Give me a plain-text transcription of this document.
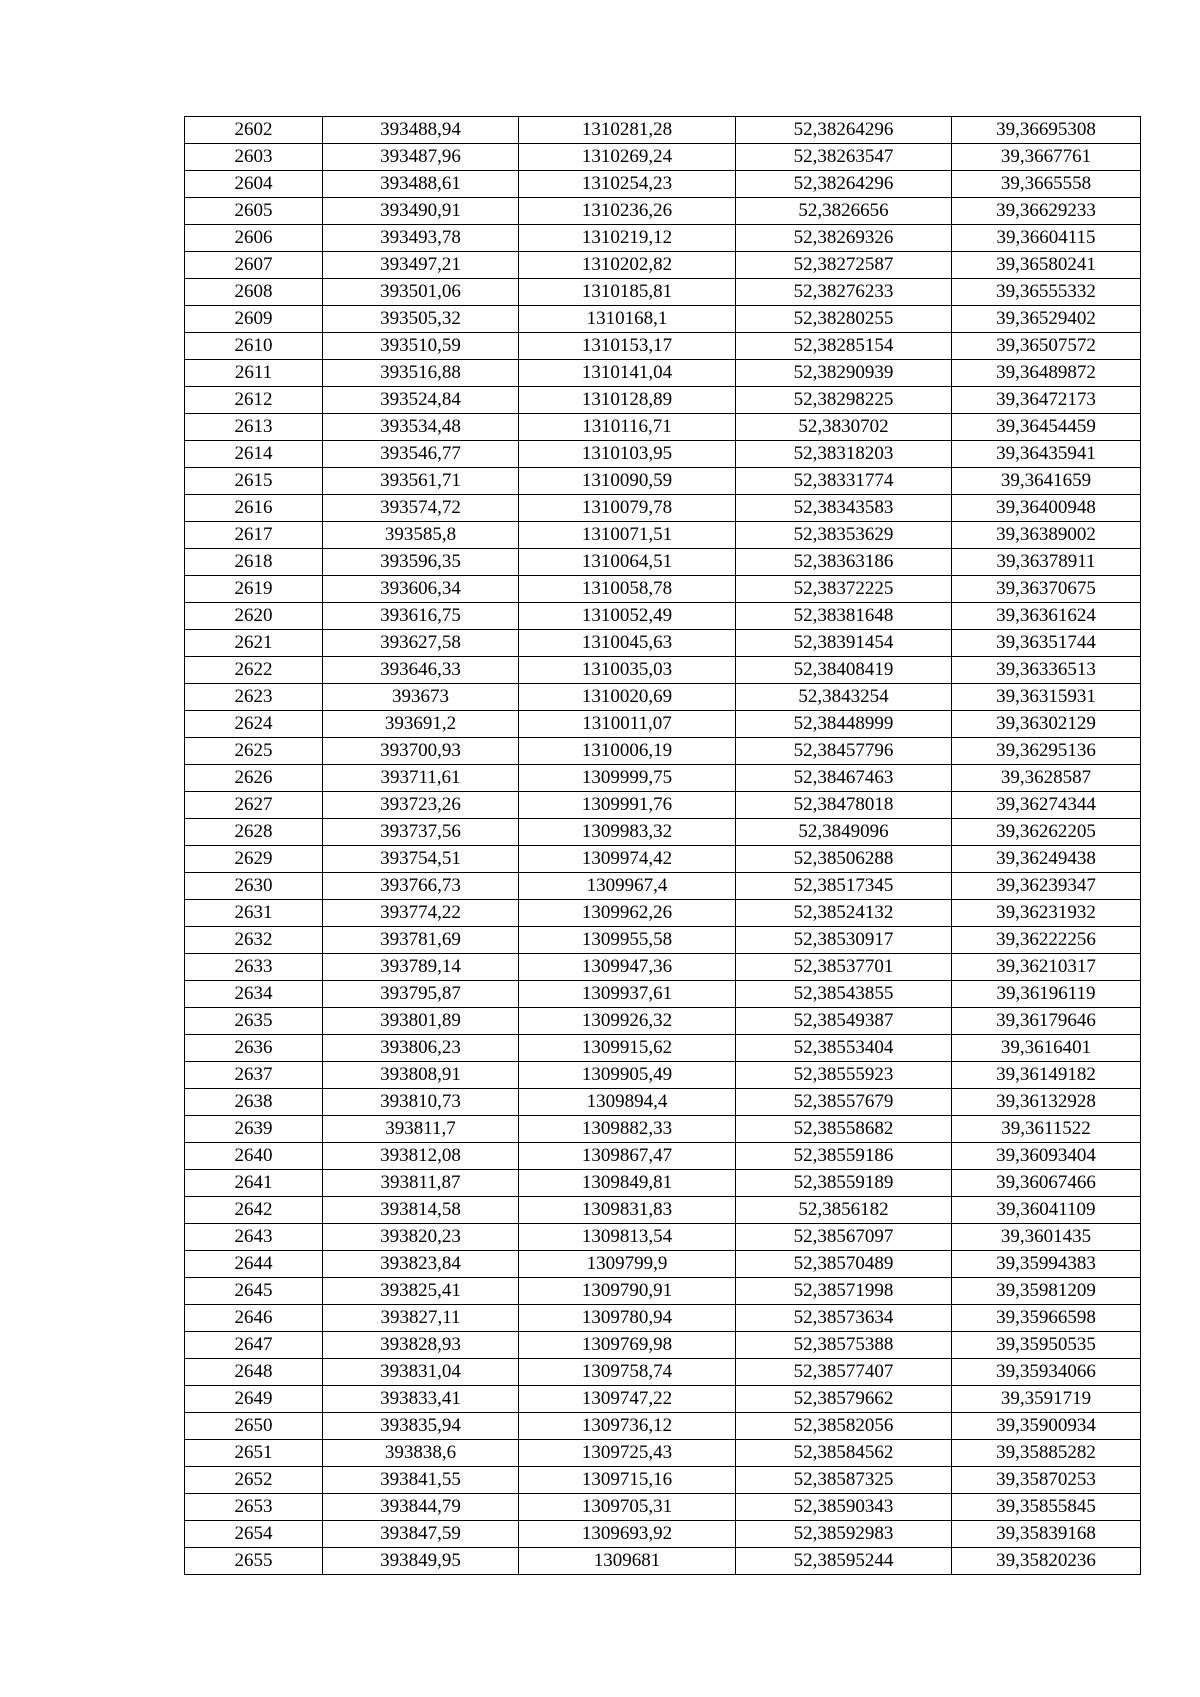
2602	393488,94	1310281,28	52,38264296	39,36695308
2603	393487,96	1310269,24	52,38263547	39,3667761
2604	393488,61	1310254,23	52,38264296	39,3665558
2605	393490,91	1310236,26	52,3826656	39,36629233
2606	393493,78	1310219,12	52,38269326	39,36604115
2607	393497,21	1310202,82	52,38272587	39,36580241
2608	393501,06	1310185,81	52,38276233	39,36555332
2609	393505,32	1310168,1	52,38280255	39,36529402
2610	393510,59	1310153,17	52,38285154	39,36507572
2611	393516,88	1310141,04	52,38290939	39,36489872
2612	393524,84	1310128,89	52,38298225	39,36472173
2613	393534,48	1310116,71	52,3830702	39,36454459
2614	393546,77	1310103,95	52,38318203	39,36435941
2615	393561,71	1310090,59	52,38331774	39,3641659
2616	393574,72	1310079,78	52,38343583	39,36400948
2617	393585,8	1310071,51	52,38353629	39,36389002
2618	393596,35	1310064,51	52,38363186	39,36378911
2619	393606,34	1310058,78	52,38372225	39,36370675
2620	393616,75	1310052,49	52,38381648	39,36361624
2621	393627,58	1310045,63	52,38391454	39,36351744
2622	393646,33	1310035,03	52,38408419	39,36336513
2623	393673	1310020,69	52,3843254	39,36315931
2624	393691,2	1310011,07	52,38448999	39,36302129
2625	393700,93	1310006,19	52,38457796	39,36295136
2626	393711,61	1309999,75	52,38467463	39,3628587
2627	393723,26	1309991,76	52,38478018	39,36274344
2628	393737,56	1309983,32	52,3849096	39,36262205
2629	393754,51	1309974,42	52,38506288	39,36249438
2630	393766,73	1309967,4	52,38517345	39,36239347
2631	393774,22	1309962,26	52,38524132	39,36231932
2632	393781,69	1309955,58	52,38530917	39,36222256
2633	393789,14	1309947,36	52,38537701	39,36210317
2634	393795,87	1309937,61	52,38543855	39,36196119
2635	393801,89	1309926,32	52,38549387	39,36179646
2636	393806,23	1309915,62	52,38553404	39,3616401
2637	393808,91	1309905,49	52,38555923	39,36149182
2638	393810,73	1309894,4	52,38557679	39,36132928
2639	393811,7	1309882,33	52,38558682	39,3611522
2640	393812,08	1309867,47	52,38559186	39,36093404
2641	393811,87	1309849,81	52,38559189	39,36067466
2642	393814,58	1309831,83	52,3856182	39,36041109
2643	393820,23	1309813,54	52,38567097	39,3601435
2644	393823,84	1309799,9	52,38570489	39,35994383
2645	393825,41	1309790,91	52,38571998	39,35981209
2646	393827,11	1309780,94	52,38573634	39,35966598
2647	393828,93	1309769,98	52,38575388	39,35950535
2648	393831,04	1309758,74	52,38577407	39,35934066
2649	393833,41	1309747,22	52,38579662	39,3591719
2650	393835,94	1309736,12	52,38582056	39,35900934
2651	393838,6	1309725,43	52,38584562	39,35885282
2652	393841,55	1309715,16	52,38587325	39,35870253
2653	393844,79	1309705,31	52,38590343	39,35855845
2654	393847,59	1309693,92	52,38592983	39,35839168
2655	393849,95	1309681	52,38595244	39,35820236
